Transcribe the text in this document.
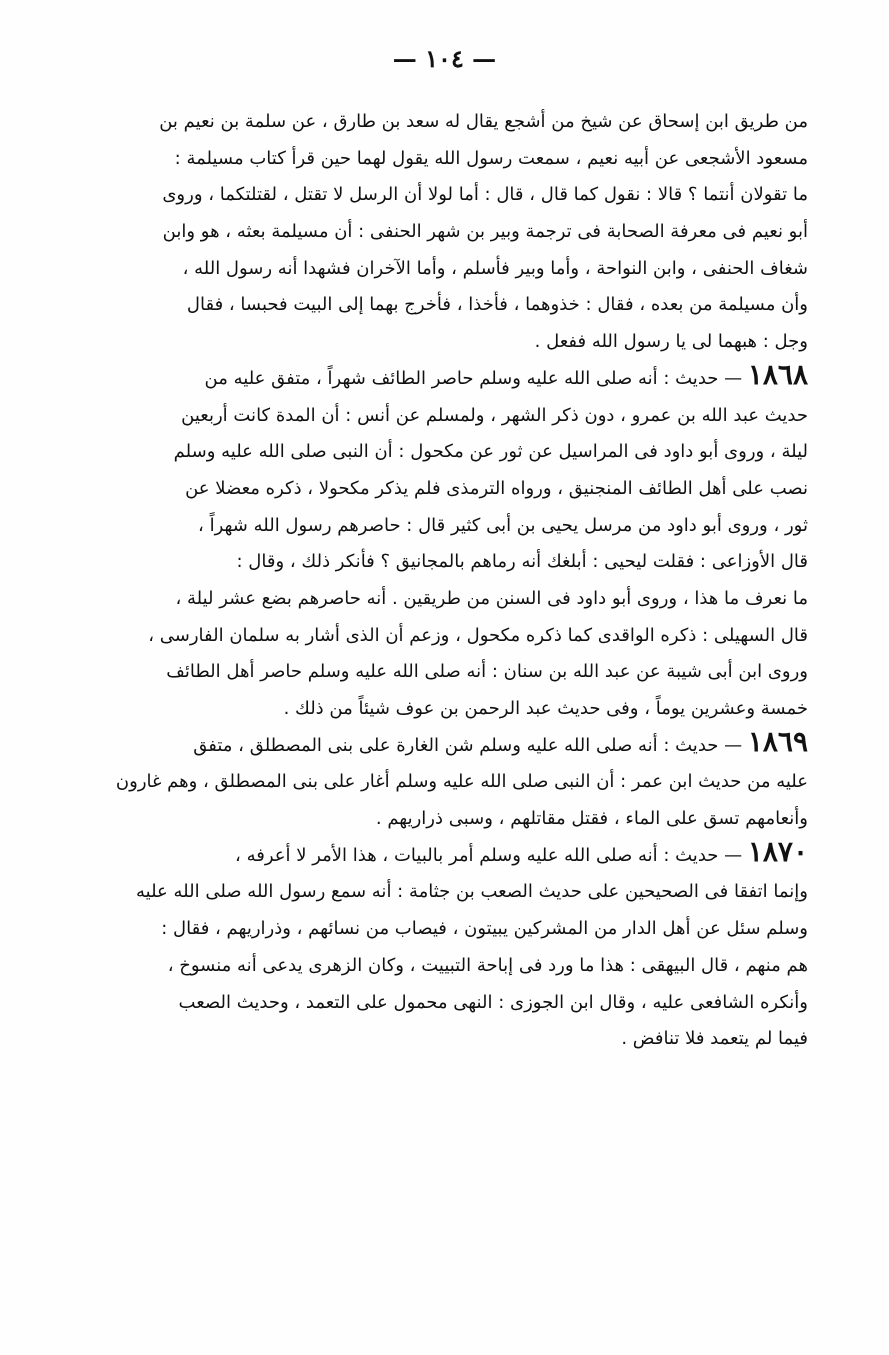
— ١٠٤ —
من طريق ابن إسحاق عن شيخ من أشجع يقال له سعد بن طارق ، عن سلمة بن نعيم بن
مسعود الأشجعى عن أبيه نعيم ، سمعت رسول الله يقول لهما حين قرأ كتاب مسيلمة :
ما تقولان أنتما ؟ قالا : نقول كما قال ، قال : أما لولا أن الرسل لا تقتل ، لقتلتكما ، وروى
أبو نعيم فى معرفة الصحابة فى ترجمة وبير بن شهر الحنفى : أن مسيلمة بعثه ، هو وابن
شغاف الحنفى ، وابن النواحة ، وأما وبير فأسلم ، وأما الآخران فشهدا أنه رسول الله ،
وأن مسيلمة من بعده ، فقال : خذوهما ، فأخذا ، فأخرج بهما إلى البيت فحبسا ، فقال
وجل : هبهما لى يا رسول الله ففعل .
١٨٦٨ — حديث : أنه صلى الله عليه وسلم حاصر الطائف شهراً ، متفق عليه من
حديث عبد الله بن عمرو ، دون ذكر الشهر ، ولمسلم عن أنس : أن المدة كانت أربعين
ليلة ، وروى أبو داود فى المراسيل عن ثور عن مكحول : أن النبى صلى الله عليه وسلم
نصب على أهل الطائف المنجنيق ، ورواه الترمذى فلم يذكر مكحولا ، ذكره معضلا عن
ثور ، وروى أبو داود من مرسل يحيى بن أبى كثير قال : حاصرهم رسول الله شهراً ،
قال الأوزاعى : فقلت ليحيى : أبلغك أنه رماهم بالمجانيق ؟ فأنكر ذلك ، وقال :
ما نعرف ما هذا ، وروى أبو داود فى السنن من طريقين . أنه حاصرهم بضع عشر ليلة ،
قال السهيلى : ذكره الواقدى كما ذكره مكحول ، وزعم أن الذى أشار به سلمان الفارسى ،
وروى ابن أبى شيبة عن عبد الله بن سنان : أنه صلى الله عليه وسلم حاصر أهل الطائف
خمسة وعشرين يوماً ، وفى حديث عبد الرحمن بن عوف شيئاً من ذلك .
١٨٦٩ — حديث : أنه صلى الله عليه وسلم شن الغارة على بنى المصطلق ، متفق
عليه من حديث ابن عمر : أن النبى صلى الله عليه وسلم أغار على بنى المصطلق ، وهم غارون
وأنعامهم تسق على الماء ، فقتل مقاتلهم ، وسبى ذراريهم .
١٨٧٠ — حديث : أنه صلى الله عليه وسلم أمر بالبيات ، هذا الأمر لا أعرفه ،
وإنما اتفقا فى الصحيحين على حديث الصعب بن جثامة : أنه سمع رسول الله صلى الله عليه
وسلم سئل عن أهل الدار من المشركين يبيتون ، فيصاب من نسائهم ، وذراريهم ، فقال :
هم منهم ، قال البيهقى : هذا ما ورد فى إباحة التبييت ، وكان الزهرى يدعى أنه منسوخ ،
وأنكره الشافعى عليه ، وقال ابن الجوزى : النهى محمول على التعمد ، وحديث الصعب
فيما لم يتعمد فلا تنافض .
